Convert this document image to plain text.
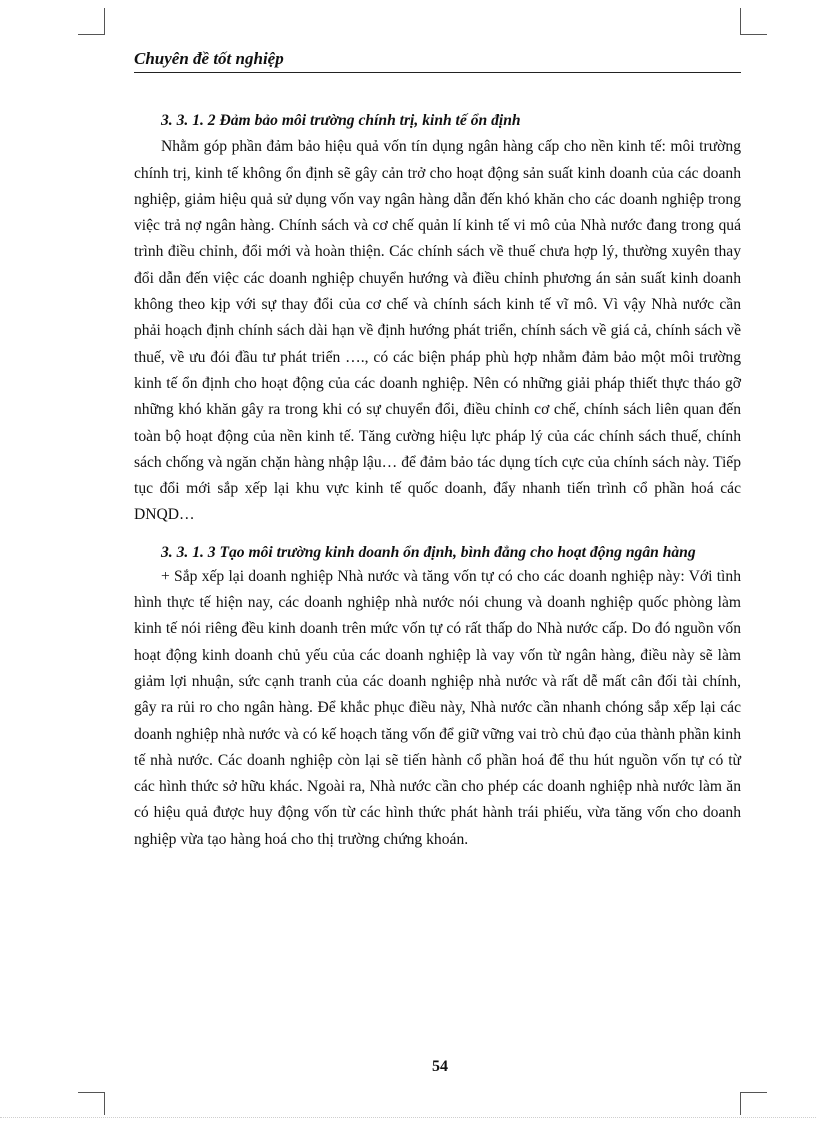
Chuyên đề tốt nghiệp

3. 3. 1. 2 Đảm bảo môi trường chính trị, kinh tế ổn định

Nhằm góp phần đảm bảo hiệu quả vốn tín dụng ngân hàng cấp cho nền kinh tế: môi trường chính trị, kinh tế không ổn định sẽ gây cản trở cho hoạt động sản suất kinh doanh của các doanh nghiệp, giảm hiệu quả sử dụng vốn vay ngân hàng dẫn đến khó khăn cho các doanh nghiệp trong việc trả nợ ngân hàng. Chính sách và cơ chế quản lí kinh tế vi mô của Nhà nước đang trong quá trình điều chỉnh, đổi mới và hoàn thiện. Các chính sách về thuế chưa hợp lý, thường xuyên thay đổi dẫn đến việc các doanh nghiệp chuyển hướng và điều chỉnh phương án sản suất kinh doanh không theo kịp với sự thay đổi của cơ chế và chính sách kinh tế vĩ mô. Vì vậy Nhà nước cần phải hoạch định chính sách dài hạn về định hướng phát triển, chính sách về giá cả, chính sách về thuế, về ưu đói đầu tư phát triển …., có các biện pháp phù hợp nhằm đảm bảo một môi trường kinh tế ổn định cho hoạt động của các doanh nghiệp. Nên có những giải pháp thiết thực tháo gỡ những khó khăn gây ra trong khi có sự chuyển đổi, điều chỉnh cơ chế, chính sách liên quan đến toàn bộ hoạt động của nền kinh tế. Tăng cường hiệu lực pháp lý của các chính sách thuế, chính sách chống và ngăn chặn hàng nhập lậu… để đảm bảo tác dụng tích cực của chính sách này. Tiếp tục đổi mới sắp xếp lại khu vực kinh tế quốc doanh, đẩy nhanh tiến trình cổ phần hoá các DNQD…

3. 3. 1. 3 Tạo môi trường kinh doanh ổn định, bình đẳng cho hoạt động ngân hàng

+ Sắp xếp lại doanh nghiệp Nhà nước và tăng vốn tự có cho các doanh nghiệp này: Với tình hình thực tế hiện nay, các doanh nghiệp nhà nước nói chung và doanh nghiệp quốc phòng làm kinh tế nói riêng đều kinh doanh trên mức vốn tự có rất thấp do Nhà nước cấp. Do đó nguồn vốn hoạt động kinh doanh chủ yếu của các doanh nghiệp là vay vốn từ ngân hàng, điều này sẽ làm giảm lợi nhuận, sức cạnh tranh của các doanh nghiệp nhà nước và rất dễ mất cân đối tài chính, gây ra rủi ro cho ngân hàng. Để khắc phục điều này, Nhà nước cần nhanh chóng sắp xếp lại các doanh nghiệp nhà nước và có kế hoạch tăng vốn để giữ vững vai trò chủ đạo của thành phần kinh tế nhà nước. Các doanh nghiệp còn lại sẽ tiến hành cổ phần hoá để thu hút nguồn vốn tự có từ các hình thức sở hữu khác. Ngoài ra, Nhà nước cần cho phép các doanh nghiệp nhà nước làm ăn có hiệu quả được huy động vốn từ các hình thức phát hành trái phiếu, vừa tăng vốn cho doanh nghiệp vừa tạo hàng hoá cho thị trường chứng khoán.

54
